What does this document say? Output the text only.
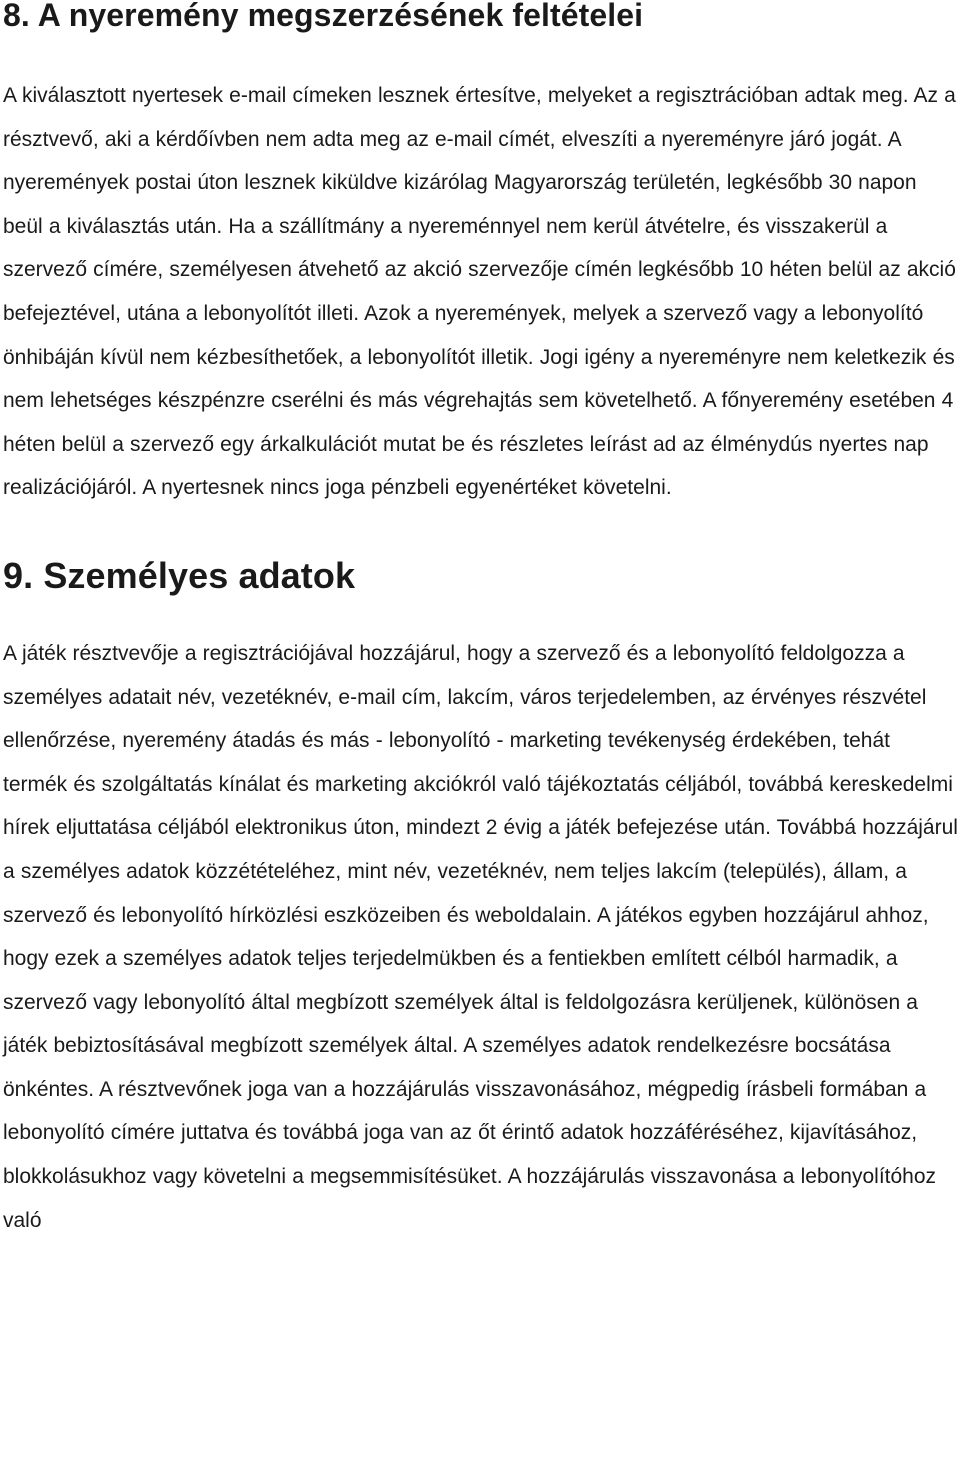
8. A nyeremény megszerzésének feltételei

A kiválasztott nyertesek e-mail címeken lesznek értesítve, melyeket a regisztrációban adtak meg. Az a résztvevő, aki a kérdőívben nem adta meg az e-mail címét, elveszíti a nyereményre járó jogát. A nyeremények postai úton lesznek kiküldve kizárólag Magyarország területén, legkésőbb 30 napon beül a kiválasztás után. Ha a szállítmány a nyereménnyel nem kerül átvételre, és visszakerül a szervező címére, személyesen átvehető az akció szervezője címén legkésőbb 10 héten belül az akció befejeztével, utána a lebonyolítót illeti. Azok a nyeremények, melyek a szervező vagy a lebonyolító önhibáján kívül nem kézbesíthetőek, a lebonyolítót illetik. Jogi igény a nyereményre nem keletkezik és nem lehetséges készpénzre cserélni és más végrehajtás sem követelhető. A főnyeremény esetében 4 héten belül a szervező egy árkalkulációt mutat be és részletes leírást ad az élménydús nyertes nap realizációjáról. A nyertesnek nincs joga pénzbeli egyenértéket követelni.

9. Személyes adatok

A játék résztvevője a regisztrációjával hozzájárul, hogy a szervező és a lebonyolító feldolgozza a személyes adatait név, vezetéknév, e-mail cím, lakcím, város terjedelemben, az érvényes részvétel ellenőrzése, nyeremény átadás és más - lebonyolító - marketing tevékenység érdekében, tehát termék és szolgáltatás kínálat és marketing akciókról való tájékoztatás céljából, továbbá kereskedelmi hírek eljuttatása céljából elektronikus úton, mindezt 2 évig a játék befejezése után. Továbbá hozzájárul a személyes adatok közzétételéhez, mint név, vezetéknév, nem teljes lakcím (település), állam, a szervező és lebonyolító hírközlési eszközeiben és weboldalain. A játékos egyben hozzájárul ahhoz, hogy ezek a személyes adatok teljes terjedelmükben és a fentiekben említett célból harmadik, a szervező vagy lebonyolító által megbízott személyek által is feldolgozásra kerüljenek, különösen a játék bebiztosításával megbízott személyek által. A személyes adatok rendelkezésre bocsátása önkéntes. A résztvevőnek joga van a hozzájárulás visszavonásához, mégpedig írásbeli formában a lebonyolító címére juttatva és továbbá joga van az őt érintő adatok hozzáféréséhez, kijavításához, blokkolásukhoz vagy követelni a megsemmisítésüket. A hozzájárulás visszavonása a lebonyolítóhoz való
